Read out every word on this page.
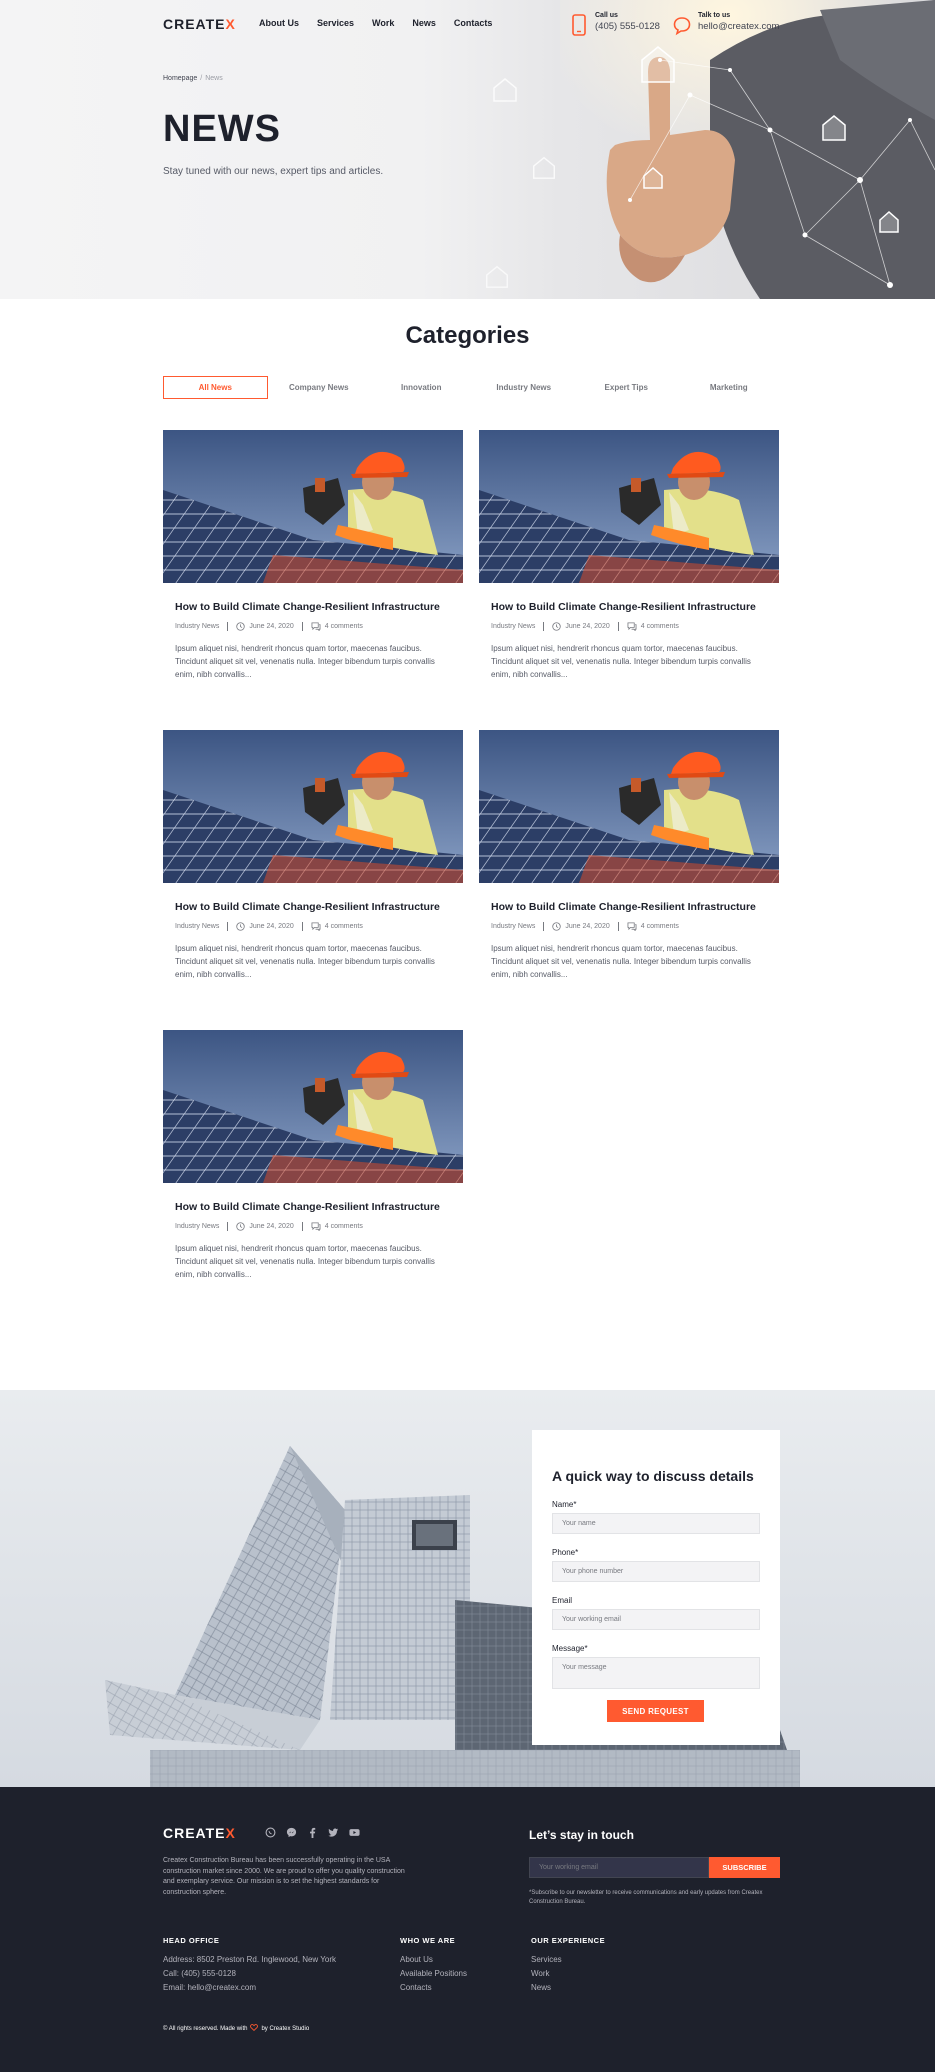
CREATEX	About Us Services Work News Contacts
Call us
(405) 555-0128
Talk to us
hello@createx.com
Homepage / News
NEWS

Stay tuned with our news, expert tips and articles.

Categories
All News	Company News	Innovation	Industry News	Expert Tips	Marketing
How to Build Climate Change-Resilient Infrastructure
Industry News	June 24, 2020	4 comments

Ipsum aliquet nisi, hendrerit rhoncus quam tortor, maecenas faucibus. Tincidunt aliquet sit vel, venenatis nulla. Integer bibendum turpis convallis enim, nibh convallis...

How to Build Climate Change-Resilient Infrastructure
Industry News	June 24, 2020	4 comments

Ipsum aliquet nisi, hendrerit rhoncus quam tortor, maecenas faucibus. Tincidunt aliquet sit vel, venenatis nulla. Integer bibendum turpis convallis enim, nibh convallis...

How to Build Climate Change-Resilient Infrastructure
Industry News	June 24, 2020	4 comments

Ipsum aliquet nisi, hendrerit rhoncus quam tortor, maecenas faucibus. Tincidunt aliquet sit vel, venenatis nulla. Integer bibendum turpis convallis enim, nibh convallis...

How to Build Climate Change-Resilient Infrastructure
Industry News	June 24, 2020	4 comments

Ipsum aliquet nisi, hendrerit rhoncus quam tortor, maecenas faucibus. Tincidunt aliquet sit vel, venenatis nulla. Integer bibendum turpis convallis enim, nibh convallis...

How to Build Climate Change-Resilient Infrastructure
Industry News	June 24, 2020	4 comments

Ipsum aliquet nisi, hendrerit rhoncus quam tortor, maecenas faucibus. Tincidunt aliquet sit vel, venenatis nulla. Integer bibendum turpis convallis enim, nibh convallis...

A quick way to discuss details
Name*
Your name
Phone*
Your phone number
Email
Your working email
Message*
Your message
SEND REQUEST
CREATEX

Createx Construction Bureau has been successfully operating in the USA construction market since 2000. We are proud to offer you quality construction and exemplary service. Our mission is to set the highest standards for construction sphere.

Let’s stay in touch
Your working email	SUBSCRIBE

*Subscribe to our newsletter to receive communications and early updates from Createx Construction Bureau.

HEAD OFFICE
Address: 8502 Preston Rd. Inglewood, New York
Call: (405) 555-0128
Email: hello@createx.com
WHO WE ARE
About Us
Available Positions
Contacts
OUR EXPERIENCE
Services
Work
News
© All rights reserved. Made with by Createx Studio
